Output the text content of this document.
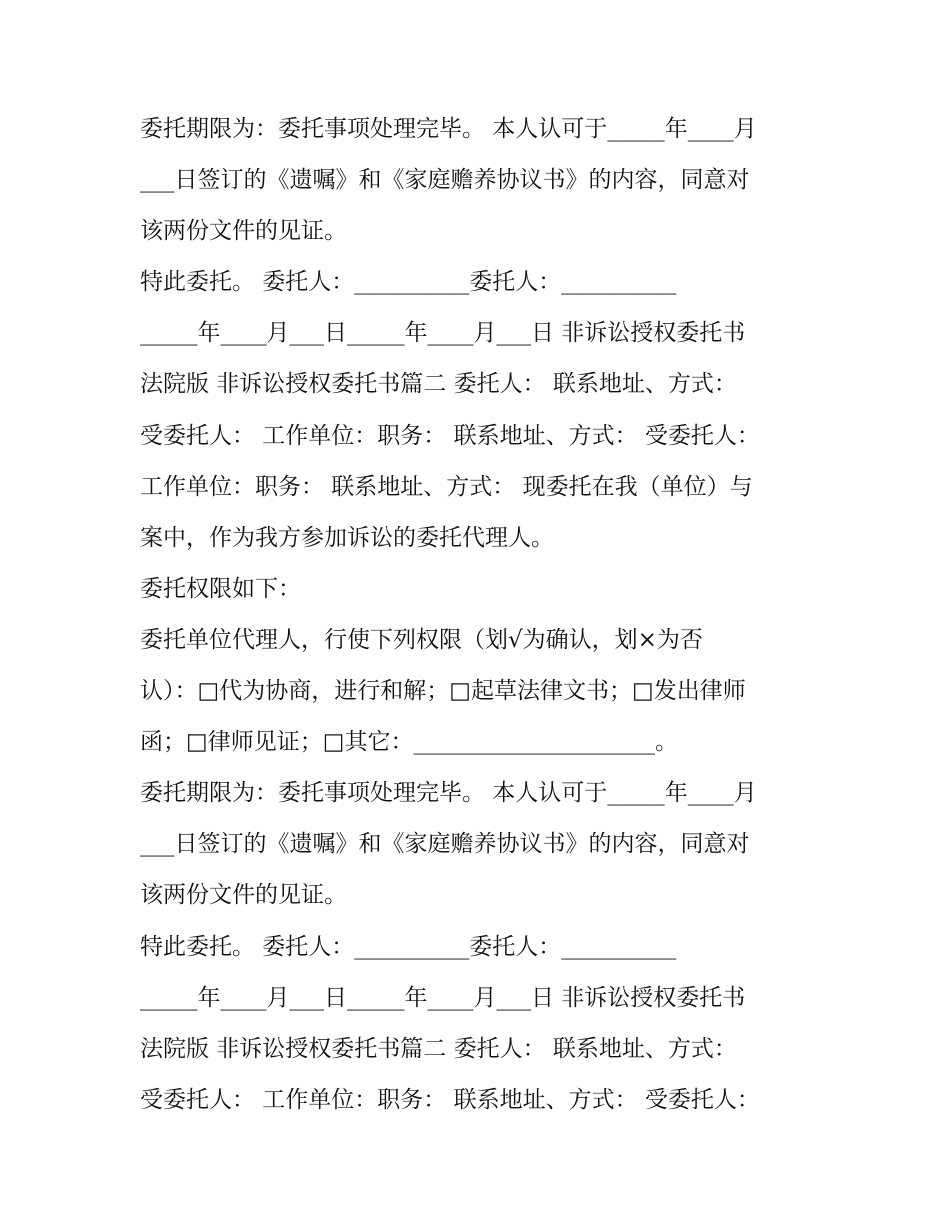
委托期限为：委托事项处理完毕。 本人认可于_____年____月
___日签订的《遗嘱》和《家庭赡养协议书》的内容，同意对
该两份文件的见证。
特此委托。 委托人：__________委托人：__________
_____年____月___日_____年____月___日 非诉讼授权委托书
法院版 非诉讼授权委托书篇二 委托人： 联系地址、方式：
受委托人： 工作单位：职务： 联系地址、方式： 受委托人：
工作单位：职务： 联系地址、方式： 现委托在我（单位）与
案中，作为我方参加诉讼的委托代理人。
委托权限如下：
委托单位代理人，行使下列权限（划√为确认，划×为否
认）：□代为协商，进行和解；□起草法律文书；□发出律师
函；□律师见证；□其它：_____________________。
委托期限为：委托事项处理完毕。 本人认可于_____年____月
___日签订的《遗嘱》和《家庭赡养协议书》的内容，同意对
该两份文件的见证。
特此委托。 委托人：__________委托人：__________
_____年____月___日_____年____月___日 非诉讼授权委托书
法院版 非诉讼授权委托书篇二 委托人： 联系地址、方式：
受委托人： 工作单位：职务： 联系地址、方式： 受委托人：
